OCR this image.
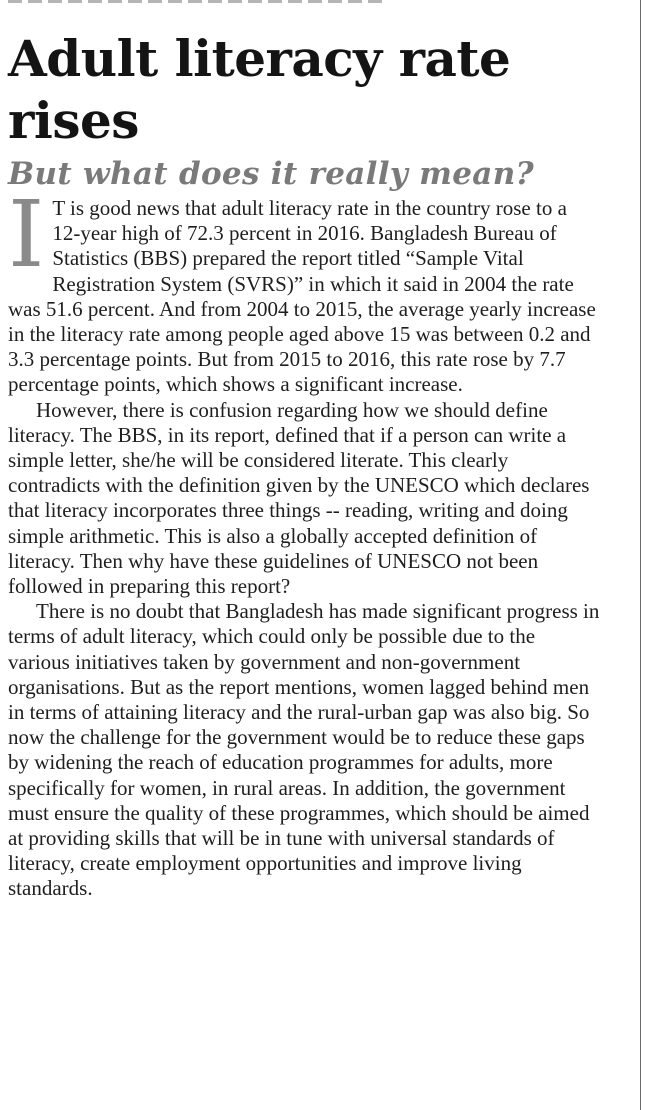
Adult literacy rate rises
But what does it really mean?

I T is good news that adult literacy rate in the country rose to a 12-year high of 72.3 percent in 2016. Bangladesh Bureau of Statistics (BBS) prepared the report titled “Sample Vital Registration System (SVRS)” in which it said in 2004 the rate was 51.6 percent. And from 2004 to 2015, the average yearly increase in the literacy rate among people aged above 15 was between 0.2 and 3.3 percentage points. But from 2015 to 2016, this rate rose by 7.7 percentage points, which shows a significant increase.

However, there is confusion regarding how we should define literacy. The BBS, in its report, defined that if a person can write a simple letter, she/he will be considered literate. This clearly contradicts with the definition given by the UNESCO which declares that literacy incorporates three things -- reading, writing and doing simple arithmetic. This is also a globally accepted definition of literacy. Then why have these guidelines of UNESCO not been followed in preparing this report?

There is no doubt that Bangladesh has made significant progress in terms of adult literacy, which could only be possible due to the various initiatives taken by government and non-government organisations. But as the report mentions, women lagged behind men in terms of attaining literacy and the rural-urban gap was also big. So now the challenge for the government would be to reduce these gaps by widening the reach of education programmes for adults, more specifically for women, in rural areas. In addition, the government must ensure the quality of these programmes, which should be aimed at providing skills that will be in tune with universal standards of literacy, create employment opportunities and improve living standards.
